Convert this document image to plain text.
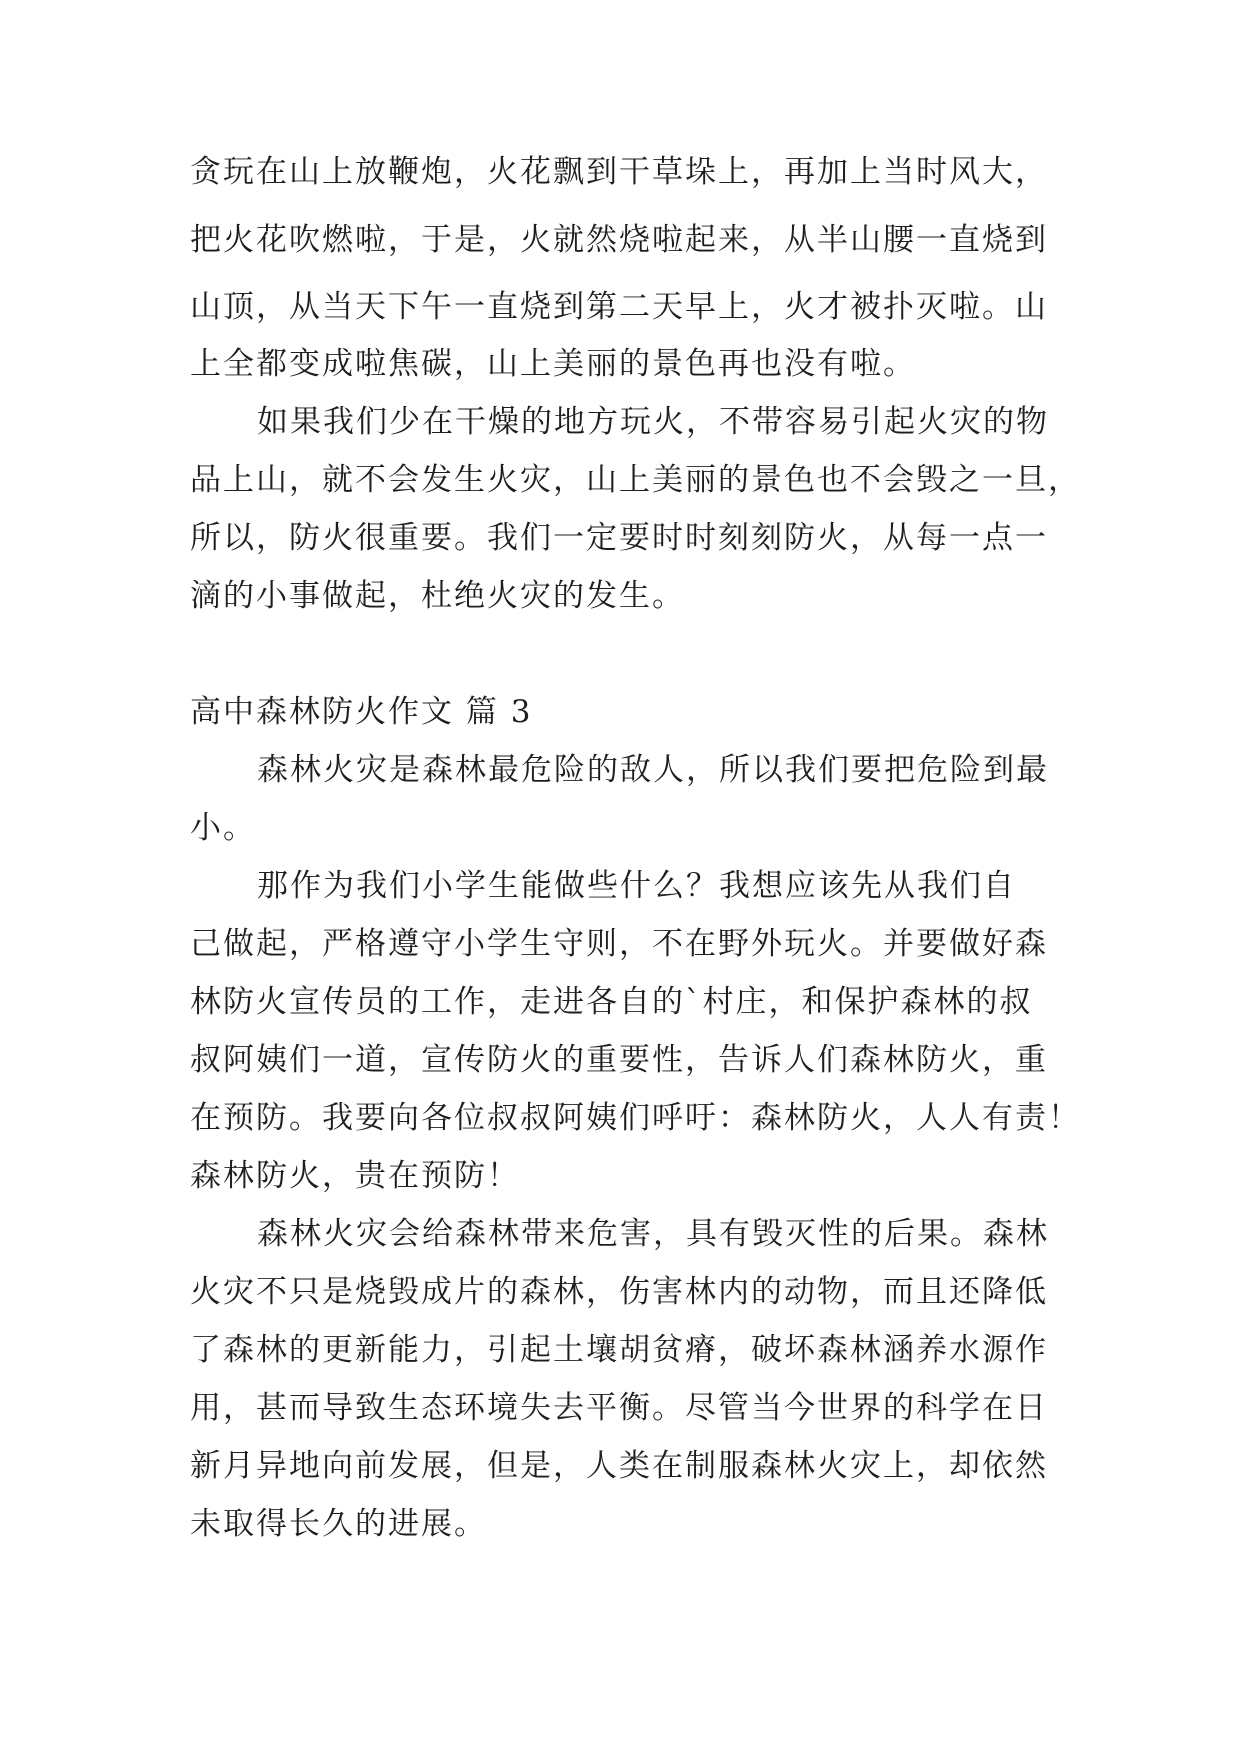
贪玩在山上放鞭炮，火花飘到干草垛上，再加上当时风大，
把火花吹燃啦，于是，火就然烧啦起来，从半山腰一直烧到
山顶，从当天下午一直烧到第二天早上，火才被扑灭啦。山
上全都变成啦焦碳，山上美丽的景色再也没有啦。
如果我们少在干燥的地方玩火，不带容易引起火灾的物
品上山，就不会发生火灾，山上美丽的景色也不会毁之一旦，
所以，防火很重要。我们一定要时时刻刻防火，从每一点一
滴的小事做起，杜绝火灾的发生。
高中森林防火作文 篇 3
森林火灾是森林最危险的敌人，所以我们要把危险到最
小。
那作为我们小学生能做些什么？我想应该先从我们自
己做起，严格遵守小学生守则，不在野外玩火。并要做好森
林防火宣传员的工作，走进各自的`村庄，和保护森林的叔
叔阿姨们一道，宣传防火的重要性，告诉人们森林防火，重
在预防。我要向各位叔叔阿姨们呼吁：森林防火，人人有责！
森林防火，贵在预防！
森林火灾会给森林带来危害，具有毁灭性的后果。森林
火灾不只是烧毁成片的森林，伤害林内的动物，而且还降低
了森林的更新能力，引起土壤胡贫瘠，破坏森林涵养水源作
用，甚而导致生态环境失去平衡。尽管当今世界的科学在日
新月异地向前发展，但是，人类在制服森林火灾上，却依然
未取得长久的进展。
